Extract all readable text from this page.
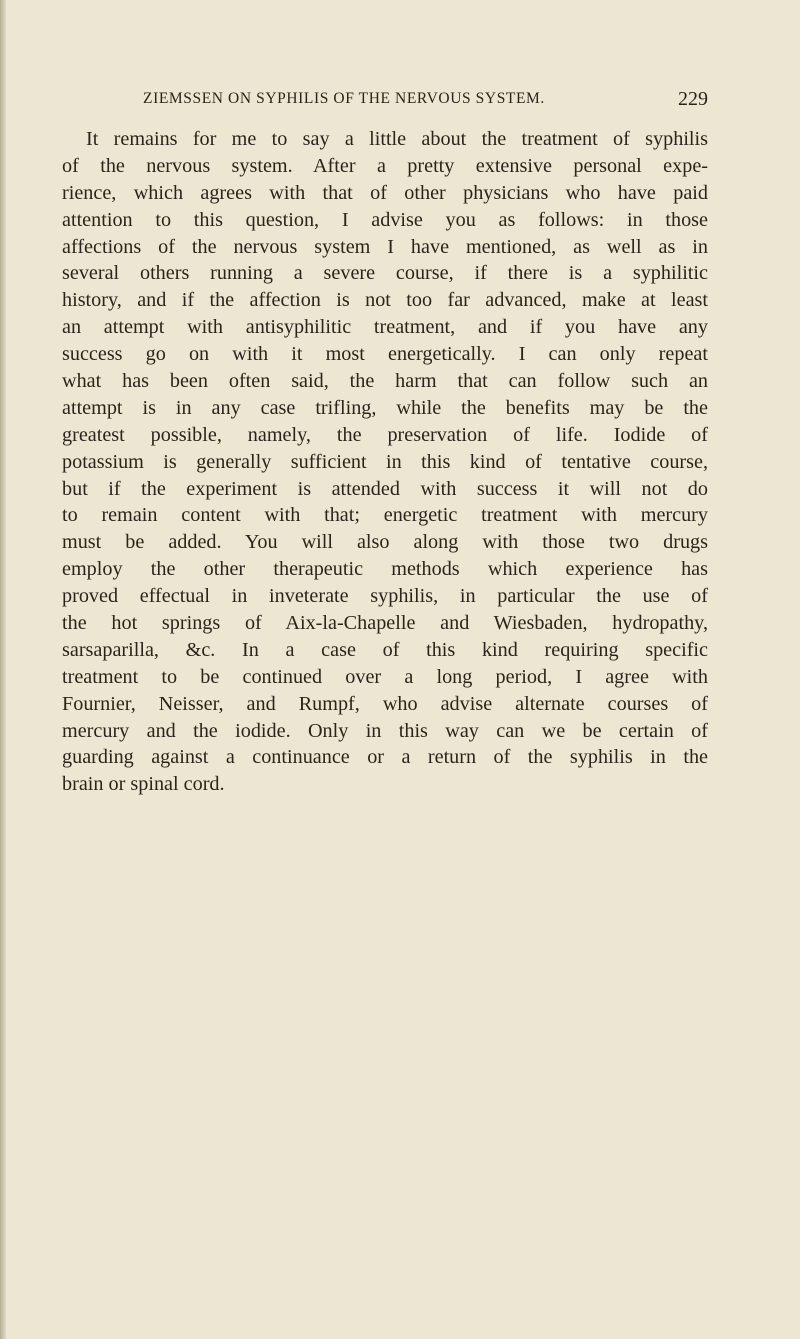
ZIEMSSEN ON SYPHILIS OF THE NERVOUS SYSTEM.	229
It remains for me to say a little about the treatment of syphilis
of the nervous system. After a pretty extensive personal expe-
rience, which agrees with that of other physicians who have paid
attention to this question, I advise you as follows: in those
affections of the nervous system I have mentioned, as well as in
several others running a severe course, if there is a syphilitic
history, and if the affection is not too far advanced, make at least
an attempt with antisyphilitic treatment, and if you have any
success go on with it most energetically. I can only repeat
what has been often said, the harm that can follow such an
attempt is in any case trifling, while the benefits may be the
greatest possible, namely, the preservation of life. Iodide of
potassium is generally sufficient in this kind of tentative course,
but if the experiment is attended with success it will not do
to remain content with that; energetic treatment with mercury
must be added. You will also along with those two drugs
employ the other therapeutic methods which experience has
proved effectual in inveterate syphilis, in particular the use of
the hot springs of Aix-la-Chapelle and Wiesbaden, hydropathy,
sarsaparilla, &c. In a case of this kind requiring specific
treatment to be continued over a long period, I agree with
Fournier, Neisser, and Rumpf, who advise alternate courses of
mercury and the iodide. Only in this way can we be certain of
guarding against a continuance or a return of the syphilis in the
brain or spinal cord.
